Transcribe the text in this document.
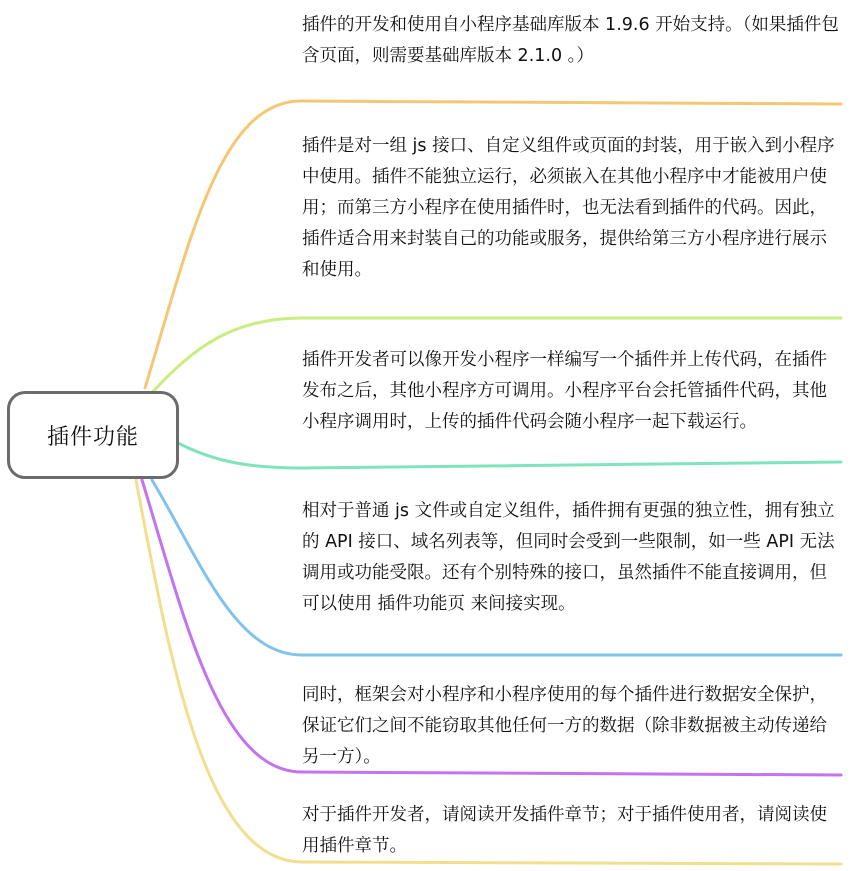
插件功能

插件的开发和使用自小程序基础库版本 1.9.6 开始支持。（如果插件包含页面，则需要基础库版本 2.1.0 。）

插件是对一组 js 接口、自定义组件或页面的封装，用于嵌入到小程序中使用。插件不能独立运行，必须嵌入在其他小程序中才能被用户使用；而第三方小程序在使用插件时，也无法看到插件的代码。因此，插件适合用来封装自己的功能或服务，提供给第三方小程序进行展示和使用。

插件开发者可以像开发小程序一样编写一个插件并上传代码，在插件发布之后，其他小程序方可调用。小程序平台会托管插件代码，其他小程序调用时，上传的插件代码会随小程序一起下载运行。

相对于普通 js 文件或自定义组件，插件拥有更强的独立性，拥有独立的 API 接口、域名列表等，但同时会受到一些限制，如一些 API 无法调用或功能受限。还有个别特殊的接口，虽然插件不能直接调用，但可以使用 插件功能页 来间接实现。

同时，框架会对小程序和小程序使用的每个插件进行数据安全保护，保证它们之间不能窃取其他任何一方的数据（除非数据被主动传递给另一方）。

对于插件开发者，请阅读开发插件章节；对于插件使用者，请阅读使用插件章节。
